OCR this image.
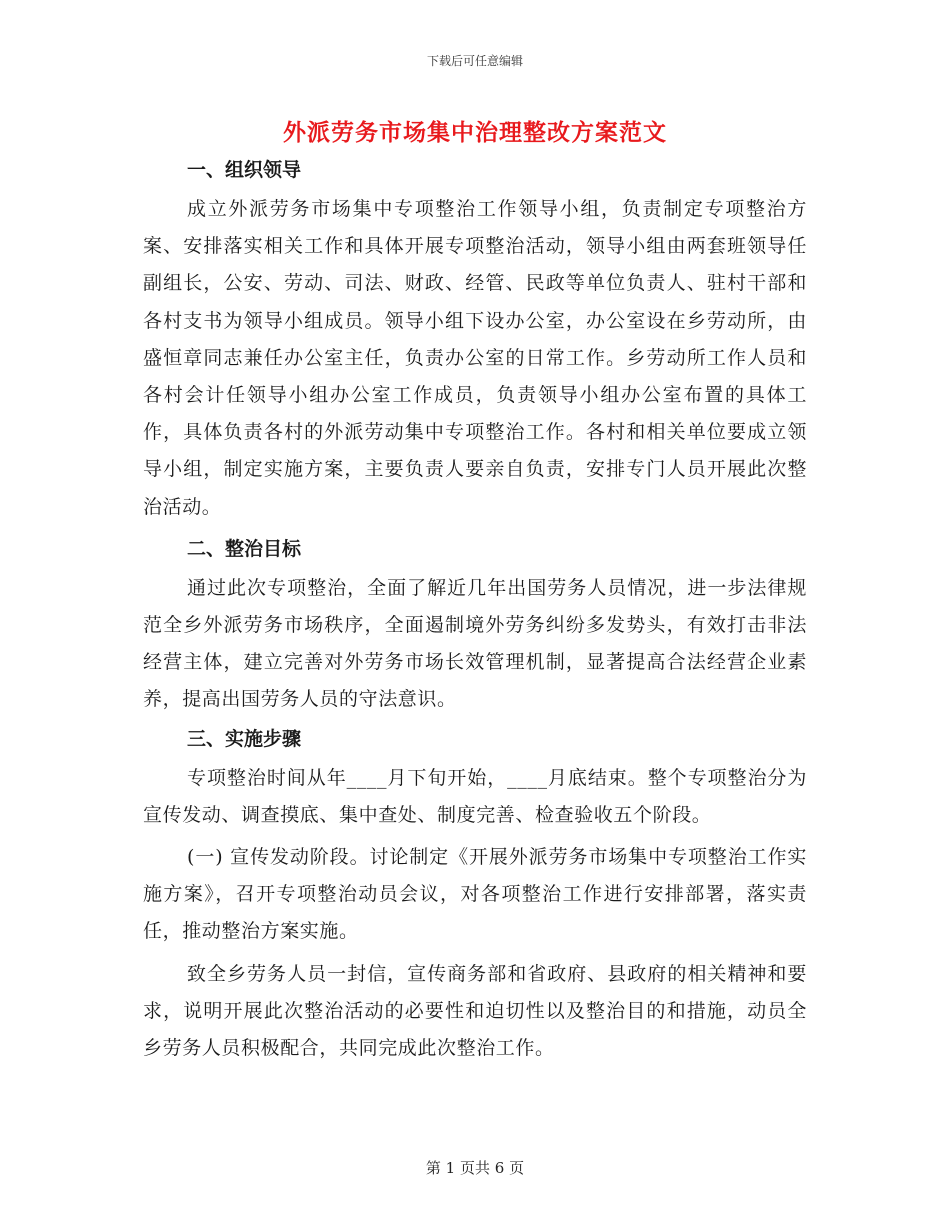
下载后可任意编辑
外派劳务市场集中治理整改方案范文
一、组织领导

成立外派劳务市场集中专项整治工作领导小组，负责制定专项整治方案、安排落实相关工作和具体开展专项整治活动，领导小组由两套班领导任副组长，公安、劳动、司法、财政、经管、民政等单位负责人、驻村干部和各村支书为领导小组成员。领导小组下设办公室，办公室设在乡劳动所，由盛恒章同志兼任办公室主任，负责办公室的日常工作。乡劳动所工作人员和各村会计任领导小组办公室工作成员，负责领导小组办公室布置的具体工作，具体负责各村的外派劳动集中专项整治工作。各村和相关单位要成立领导小组，制定实施方案，主要负责人要亲自负责，安排专门人员开展此次整治活动。

二、整治目标

通过此次专项整治，全面了解近几年出国劳务人员情况，进一步法律规范全乡外派劳务市场秩序，全面遏制境外劳务纠纷多发势头，有效打击非法经营主体，建立完善对外劳务市场长效管理机制，显著提高合法经营企业素养，提高出国劳务人员的守法意识。

三、实施步骤

专项整治时间从年____月下旬开始，____月底结束。整个专项整治分为宣传发动、调查摸底、集中查处、制度完善、检查验收五个阶段。

(一) 宣传发动阶段。讨论制定《开展外派劳务市场集中专项整治工作实施方案》，召开专项整治动员会议，对各项整治工作进行安排部署，落实责任，推动整治方案实施。

致全乡劳务人员一封信，宣传商务部和省政府、县政府的相关精神和要求，说明开展此次整治活动的必要性和迫切性以及整治目的和措施，动员全乡劳务人员积极配合，共同完成此次整治工作。

第 1 页共 6 页
